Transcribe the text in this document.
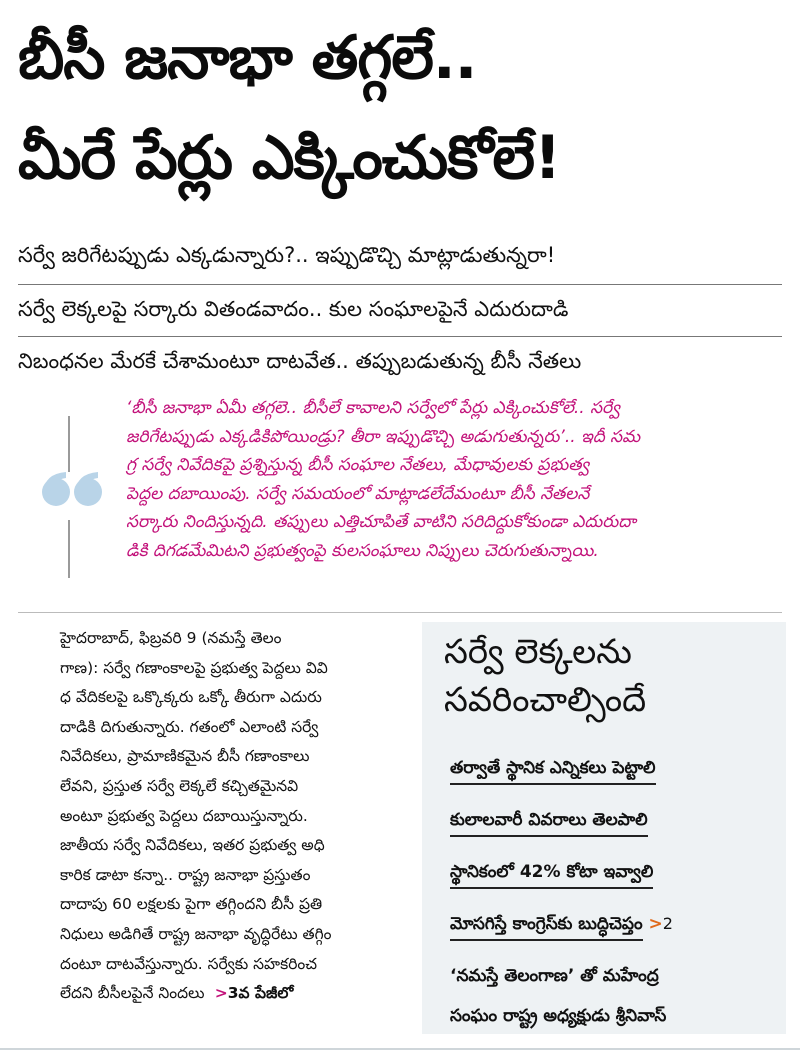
బీసీ జనాభా తగ్గలే..
మీరే పేర్లు ఎక్కించుకోలే!
సర్వే జరిగేటప్పుడు ఎక్కడున్నారు?.. ఇప్పుడొచ్చి మాట్లాడుతున్నరా!
సర్వే లెక్కలపై సర్కారు వితండవాదం.. కుల సంఘాలపైనే ఎదురుదాడి
నిబంధనల మేరకే చేశామంటూ దాటవేత.. తప్పుబడుతున్న బీసీ నేతలు

‘బీసీ జనాభా ఏమీ తగ్గలె.. బీసీలే కావాలని సర్వేలో పేర్లు ఎక్కించుకోలే.. సర్వే

జరిగేటప్పుడు ఎక్కడికిపోయిండ్రు? తీరా ఇప్పుడొచ్చి అడుగుతున్నరు’.. ఇదీ సమ

గ్ర సర్వే నివేదికపై ప్రశ్నిస్తున్న బీసీ సంఘాల నేతలు, మేధావులకు ప్రభుత్వ

పెద్దల దబాయింపు. సర్వే సమయంలో మాట్లాడలేదేమంటూ బీసీ నేతలనే

సర్కారు నిందిస్తున్నది. తప్పులు ఎత్తిచూపితే వాటిని సరిదిద్దుకోకుండా ఎదురుదా

డికి దిగడమేమిటని ప్రభుత్వంపై కులసంఘాలు నిప్పులు చెరుగుతున్నాయి.

హైదరాబాద్, ఫిబ్రవరి 9 (నమస్తే తెలం

గాణ): సర్వే గణాంకాలపై ప్రభుత్వ పెద్దలు వివి

ధ వేదికలపై ఒక్కొక్కరు ఒక్కో తీరుగా ఎదురు

దాడికి దిగుతున్నారు. గతంలో ఎలాంటి సర్వే

నివేదికలు, ప్రామాణికమైన బీసీ గణాంకాలు

లేవని, ప్రస్తుత సర్వే లెక్కలే కచ్చితమైనవి

అంటూ ప్రభుత్వ పెద్దలు దబాయిస్తున్నారు.

జాతీయ సర్వే నివేదికలు, ఇతర ప్రభుత్వ అధి

కారిక డాటా కన్నా.. రాష్ట్ర జనాభా ప్రస్తుతం

దాదాపు 60 లక్షలకు పైగా తగ్గిందని బీసీ ప్రతి

నిధులు అడిగితే రాష్ట్ర జనాభా వృద్ధిరేటు తగ్గిం

దంటూ దాటవేస్తున్నారు. సర్వేకు సహకరించ

లేదని బీసీలపైనే నిందలు  >3వ పేజీలో

సర్వే లెక్కలను
సవరించాల్సిందే
తర్వాతే స్థానిక ఎన్నికలు పెట్టాలి
కులాలవారీ వివరాలు తెలపాలి
స్థానికంలో 42% కోటా ఇవ్వాలి
మోసగిస్తే కాంగ్రెస్‌కు బుద్ధిచెప్తం >2
‘నమస్తే తెలంగాణ’ తో మహేంద్ర
సంఘం రాష్ట్ర అధ్యక్షుడు శ్రీనివాస్
